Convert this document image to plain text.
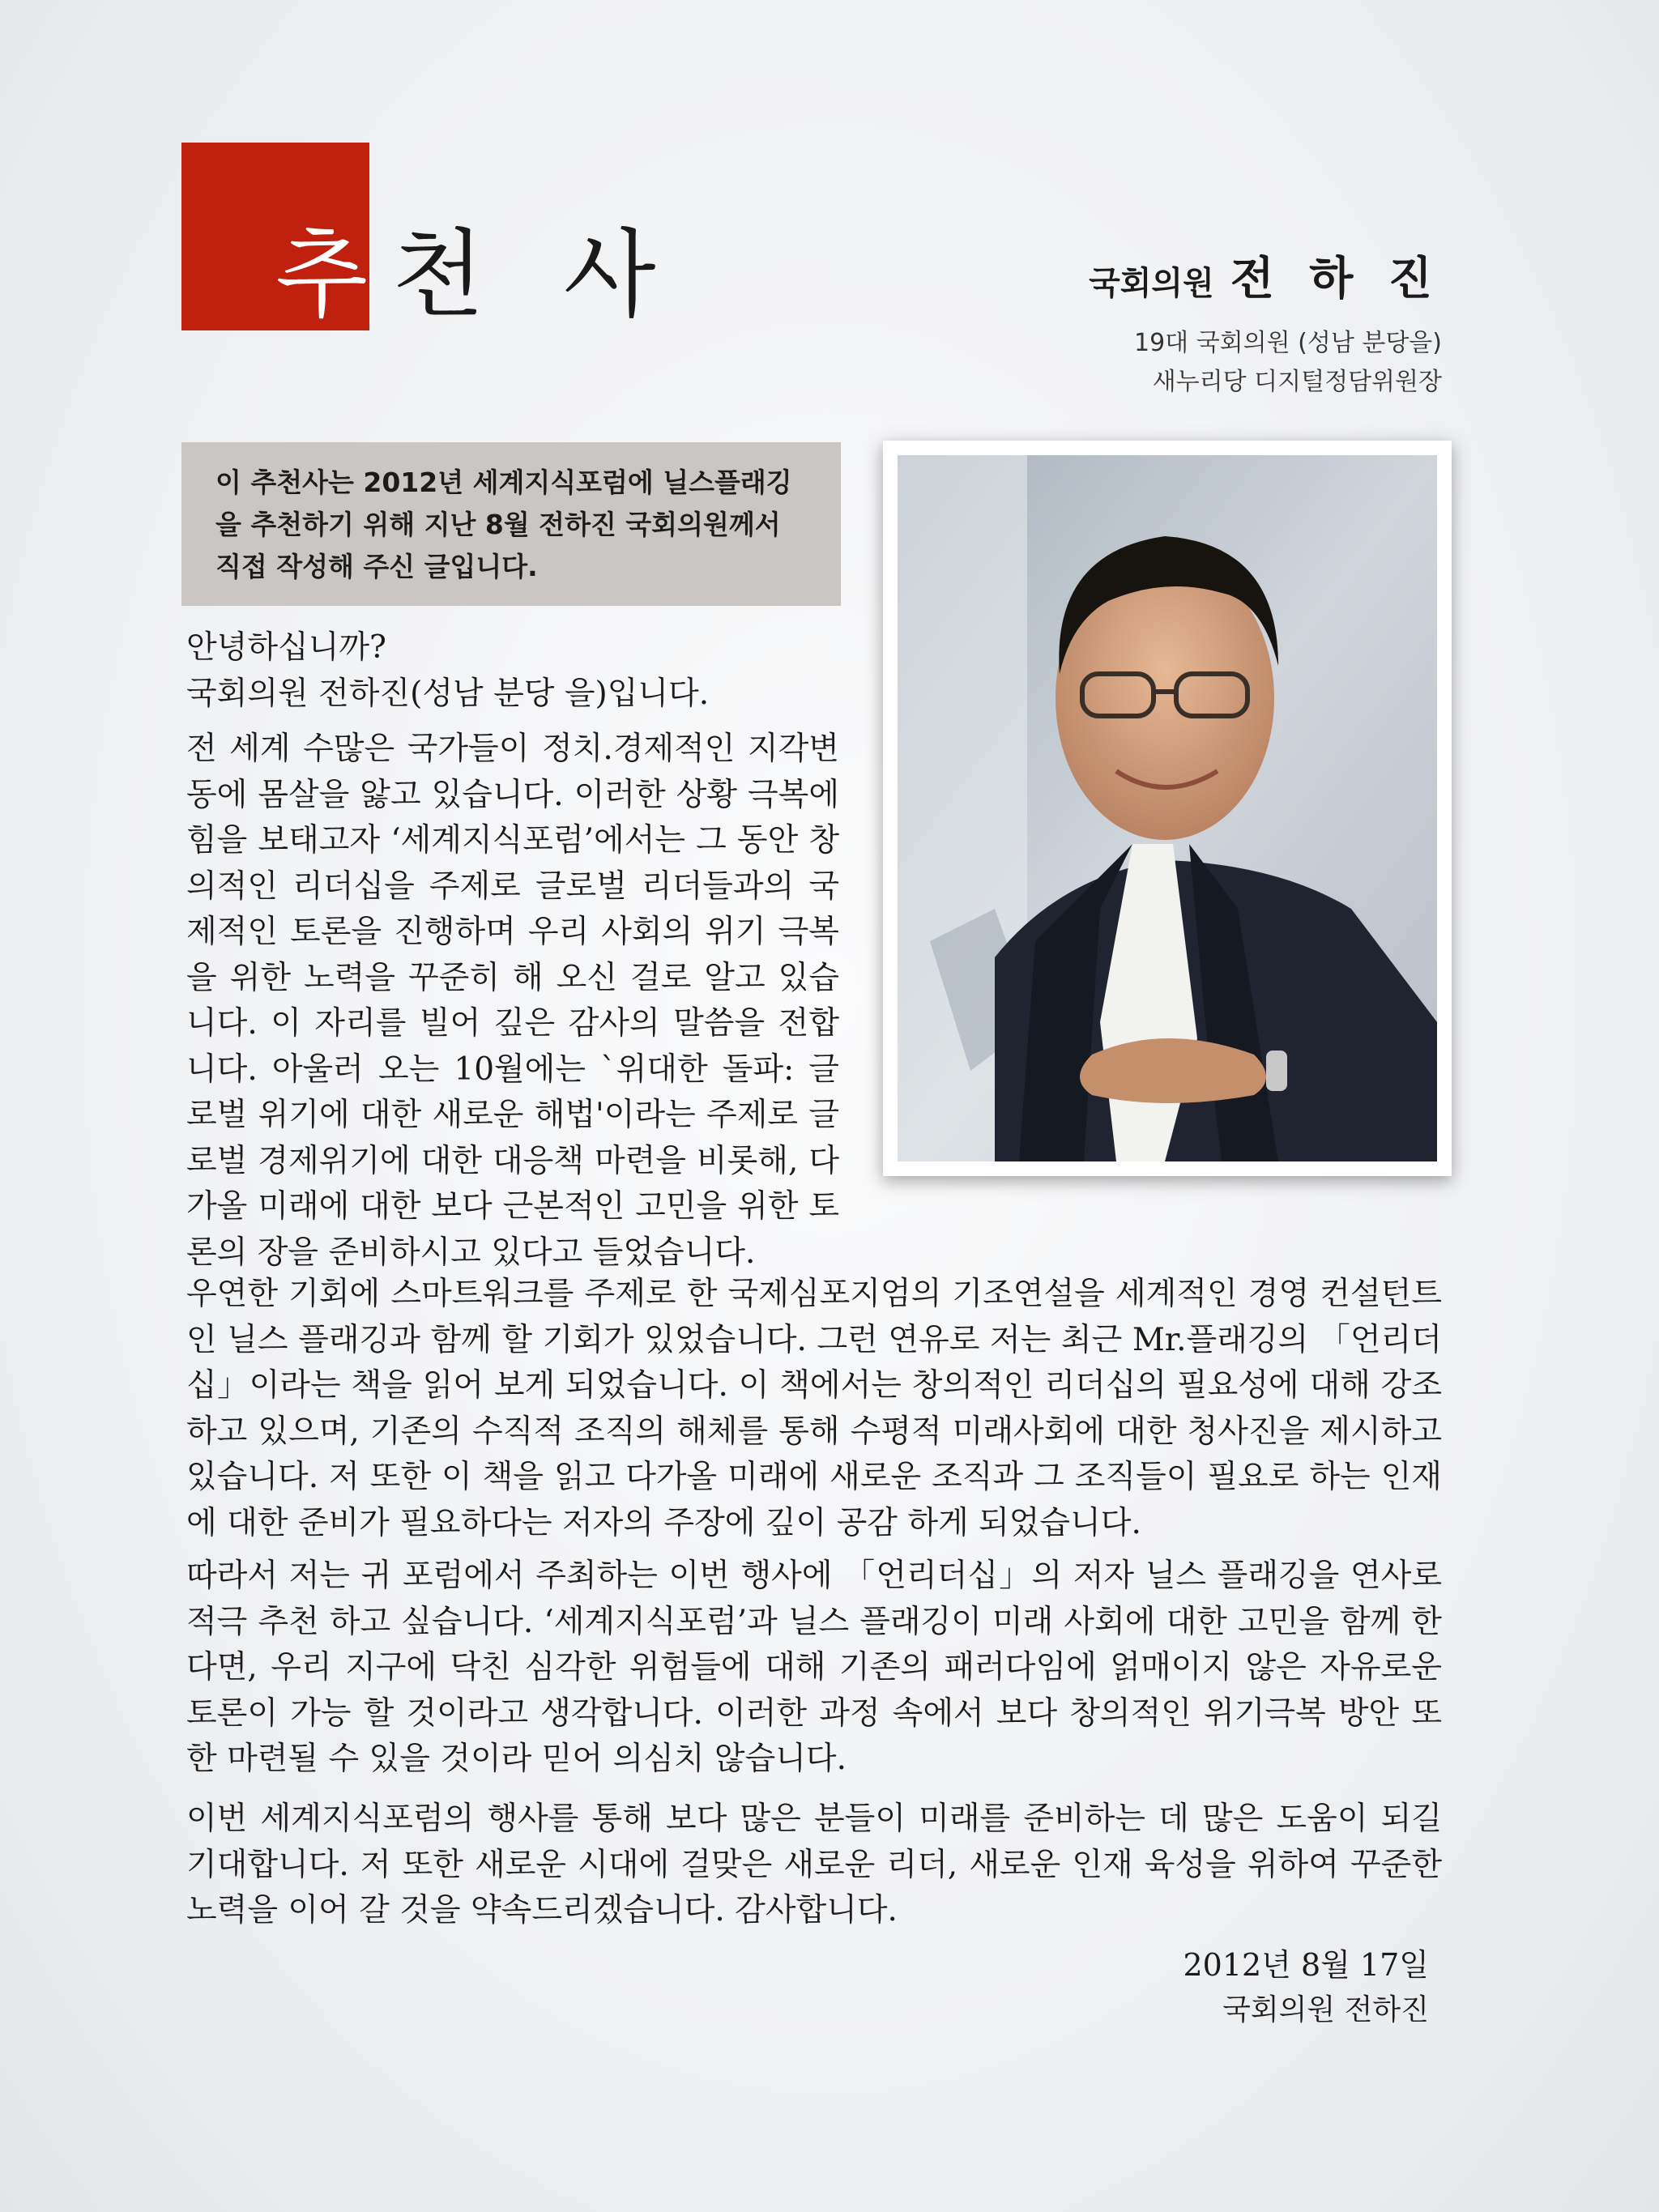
추천 사	국회의원 전 하 진
19대 국회의원 (성남 분당을)
새누리당 디지털정담위원장
이 추천사는 2012년 세계지식포럼에 닐스플래깅을 추천하기 위해 지난 8월 전하진 국회의원께서 직접 작성해 주신 글입니다.
안녕하십니까?
국회의원 전하진(성남 분당 을)입니다.
전 세계 수많은 국가들이 정치.경제적인 지각변동에 몸살을 앓고 있습니다. 이러한 상황 극복에 힘을 보태고자 ‘세계지식포럼’에서는 그 동안 창의적인 리더십을 주제로 글로벌 리더들과의 국제적인 토론을 진행하며 우리 사회의 위기 극복을 위한 노력을 꾸준히 해 오신 걸로 알고 있습니다. 이 자리를 빌어 깊은 감사의 말씀을 전합니다. 아울러 오는 10월에는 `위대한 돌파: 글로벌 위기에 대한 새로운 해법'이라는 주제로 글로벌 경제위기에 대한 대응책 마련을 비롯해, 다가올 미래에 대한 보다 근본적인 고민을 위한 토론의 장을 준비하시고 있다고 들었습니다.
우연한 기회에 스마트워크를 주제로 한 국제심포지엄의 기조연설을 세계적인 경영 컨설턴트인 닐스 플래깅과 함께 할 기회가 있었습니다. 그런 연유로 저는 최근 Mr.플래깅의 「언리더십」이라는 책을 읽어 보게 되었습니다. 이 책에서는 창의적인 리더십의 필요성에 대해 강조하고 있으며, 기존의 수직적 조직의 해체를 통해 수평적 미래사회에 대한 청사진을 제시하고 있습니다. 저 또한 이 책을 읽고 다가올 미래에 새로운 조직과 그 조직들이 필요로 하는 인재에 대한 준비가 필요하다는 저자의 주장에 깊이 공감 하게 되었습니다.
따라서 저는 귀 포럼에서 주최하는 이번 행사에 「언리더십」의 저자 닐스 플래깅을 연사로 적극 추천 하고 싶습니다. ‘세계지식포럼’과 닐스 플래깅이 미래 사회에 대한 고민을 함께 한다면, 우리 지구에 닥친 심각한 위험들에 대해 기존의 패러다임에 얽매이지 않은 자유로운 토론이 가능 할 것이라고 생각합니다. 이러한 과정 속에서 보다 창의적인 위기극복 방안 또한 마련될 수 있을 것이라 믿어 의심치 않습니다.
이번 세계지식포럼의 행사를 통해 보다 많은 분들이 미래를 준비하는 데 많은 도움이 되길 기대합니다. 저 또한 새로운 시대에 걸맞은 새로운 리더, 새로운 인재 육성을 위하여 꾸준한 노력을 이어 갈 것을 약속드리겠습니다. 감사합니다.
2012년 8월 17일
국회의원 전하진
